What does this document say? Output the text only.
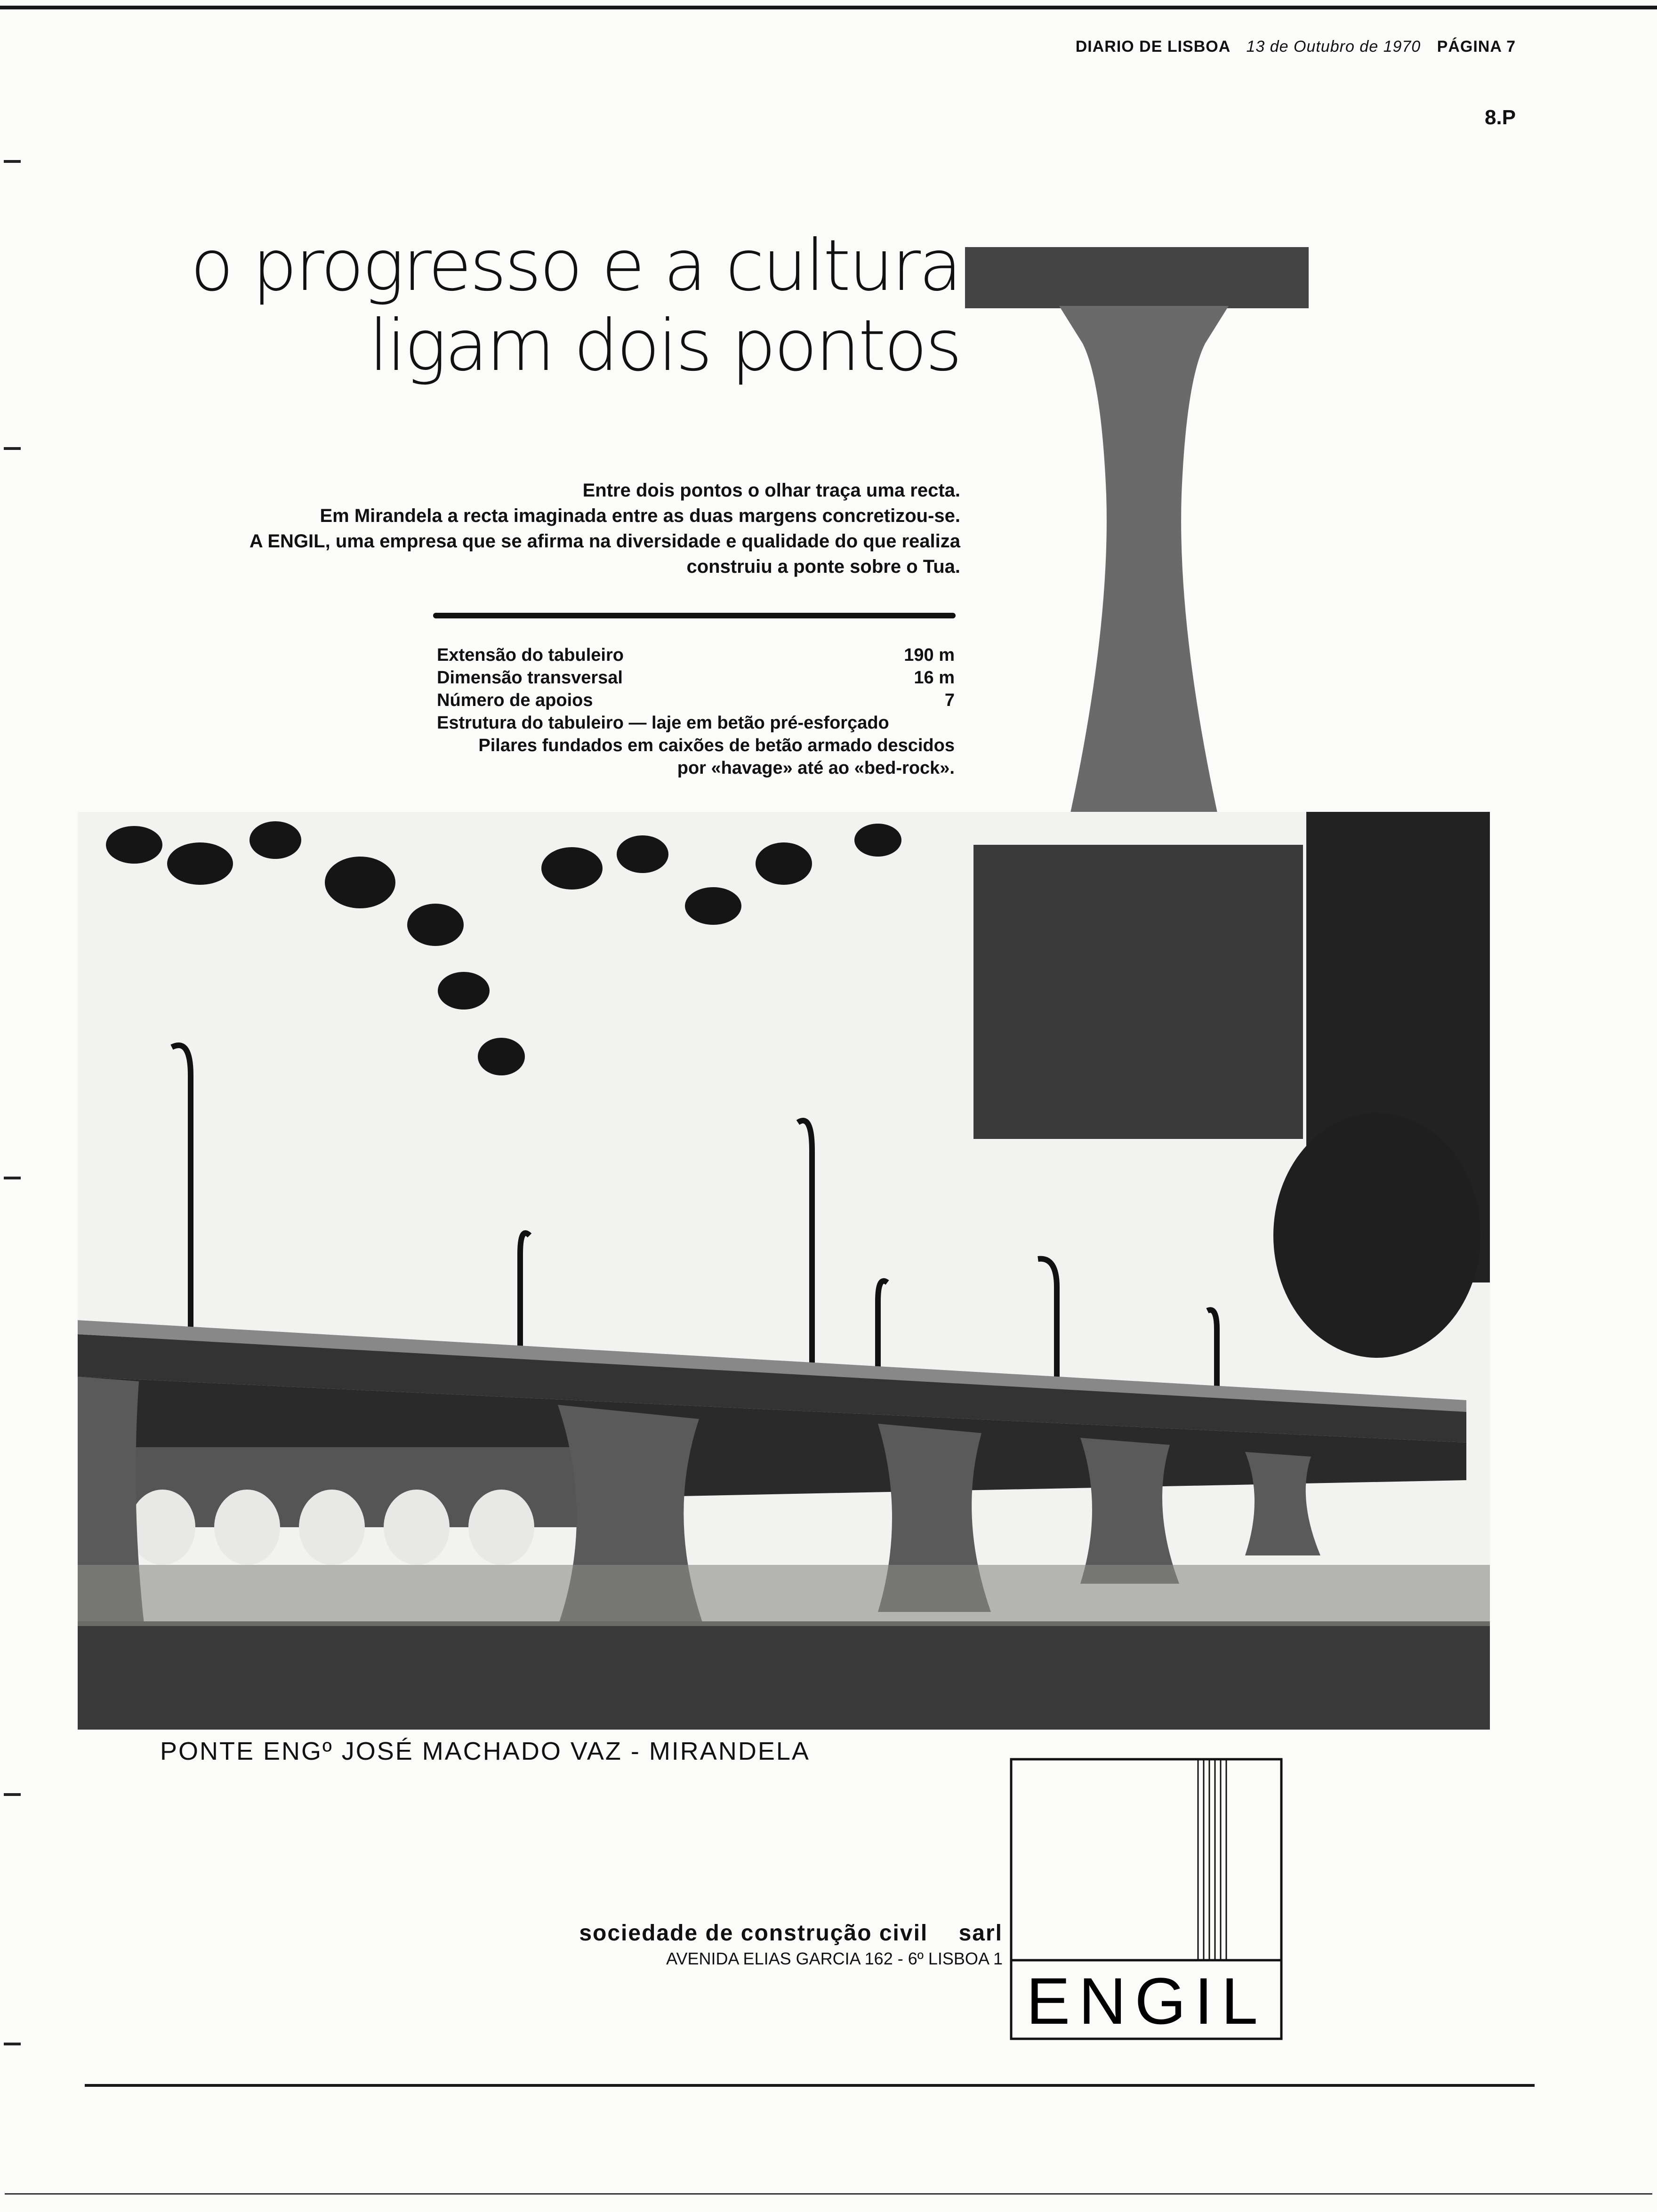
DIARIO DE LISBOA 13 de Outubro de 1970 PÁGINA 7
8.P
o progresso e a cultura
ligam dois pontos
Entre dois pontos o olhar traça uma recta.
Em Mirandela a recta imaginada entre as duas margens concretizou-se.
A ENGIL, uma empresa que se afirma na diversidade e qualidade do que realiza
construiu a ponte sobre o Tua.
Extensão do tabuleiro	190 m
Dimensão transversal	16 m
Número de apoios	7
Estrutura do tabuleiro — laje em betão pré-esforçado
Pilares fundados em caixões de betão armado descidos
por «havage» até ao «bed-rock».
PONTE ENGº JOSÉ MACHADO VAZ - MIRANDELA
ENGIL
sociedade de construção civil sarl
AVENIDA ELIAS GARCIA 162 - 6º LISBOA 1
